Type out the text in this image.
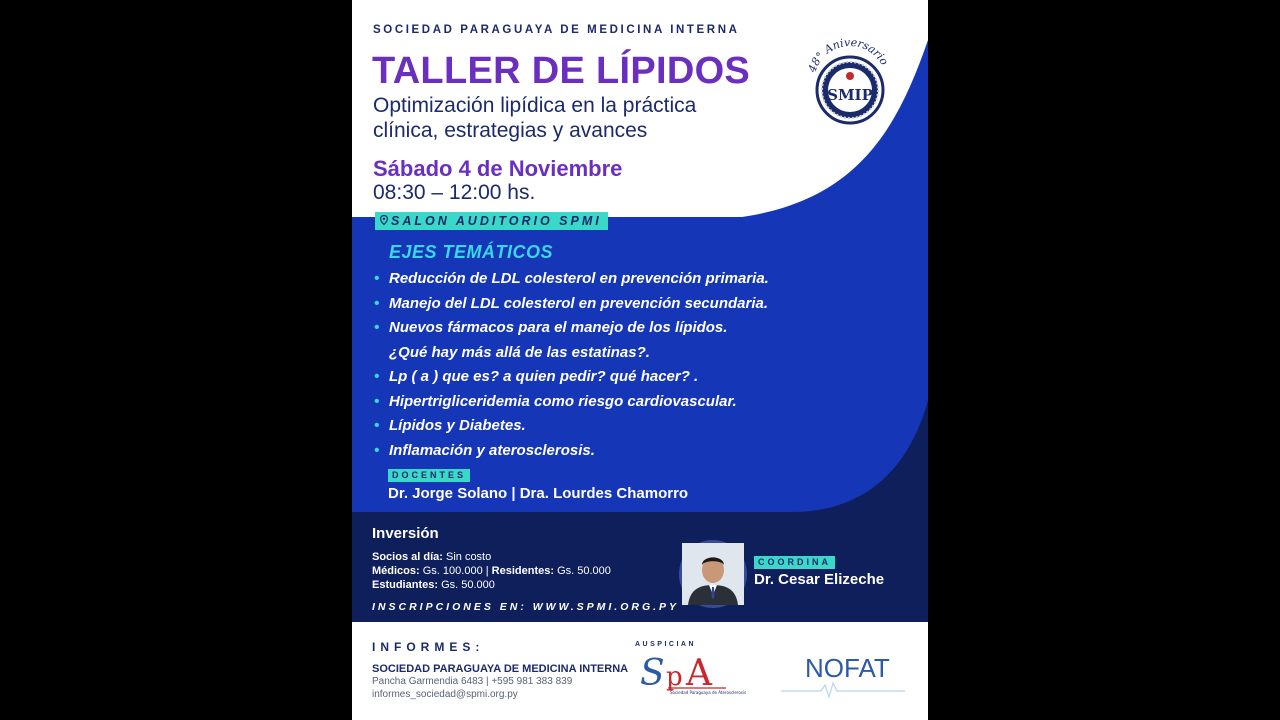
SOCIEDAD PARAGUAYA DE MEDICINA INTERNA
TALLER DE LÍPIDOS
Optimización lipídica en la práctica
clínica, estrategias y avances
48° Aniversario
SMIP
Sábado 4 de Noviembre
08:30 – 12:00 hs.
SALON AUDITORIO SPMI
EJES TEMÁTICOS
• Reducción de LDL colesterol en prevención primaria.
• Manejo del LDL colesterol en prevención secundaria.
• Nuevos fármacos para el manejo de los lípidos.
¿Qué hay más allá de las estatinas?.
• Lp ( a ) que es? a quien pedir? qué hacer? .
• Hipertrigliceridemia como riesgo cardiovascular.
• Lípidos y Diabetes.
• Inflamación y aterosclerosis.
DOCENTES
Dr. Jorge Solano | Dra. Lourdes Chamorro
Inversión
Socios al día: Sin costo
Médicos: Gs. 100.000 | Residentes: Gs. 50.000
Estudiantes: Gs. 50.000
INSCRIPCIONES EN: WWW.SPMI.ORG.PY
COORDINA
Dr. Cesar Elizeche
INFORMES:
SOCIEDAD PARAGUAYA DE MEDICINA INTERNA
Pancha Garmendia 6483 | +595 981 383 839
informes_sociedad@spmi.org.py
AUSPICIAN
S p A
Sociedad Paraguaya de Aterosclerosis
NOFAT
